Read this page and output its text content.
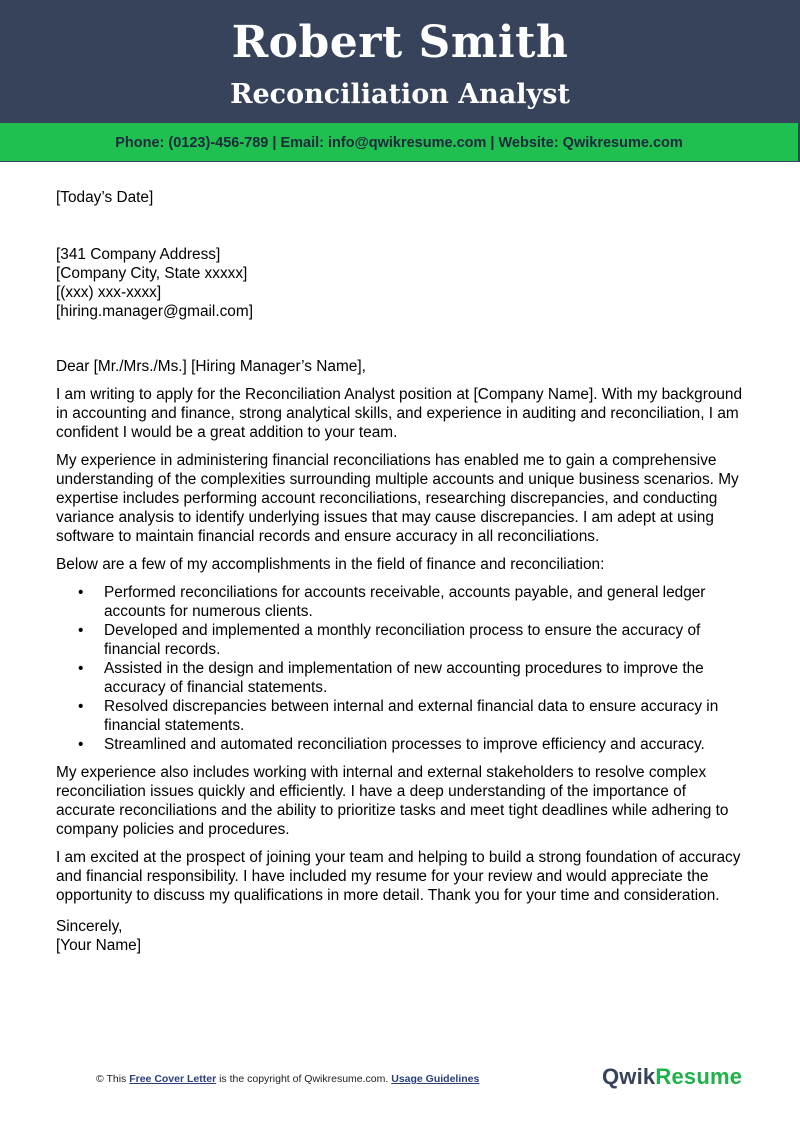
Robert Smith
Reconciliation Analyst
Phone: (0123)-456-789 | Email: info@qwikresume.com | Website: Qwikresume.com

[Today’s Date]

[341 Company Address]

[Company City, State xxxxx]

[(xxx) xxx-xxxx]

[hiring.manager@gmail.com]

Dear [Mr./Mrs./Ms.] [Hiring Manager’s Name],

I am writing to apply for the Reconciliation Analyst position at [Company Name]. With my background in accounting and finance, strong analytical skills, and experience in auditing and reconciliation, I am confident I would be a great addition to your team.

My experience in administering financial reconciliations has enabled me to gain a comprehensive understanding of the complexities surrounding multiple accounts and unique business scenarios. My expertise includes performing account reconciliations, researching discrepancies, and conducting variance analysis to identify underlying issues that may cause discrepancies. I am adept at using software to maintain financial records and ensure accuracy in all reconciliations.

Below are a few of my accomplishments in the field of finance and reconciliation:

• Performed reconciliations for accounts receivable, accounts payable, and general ledger accounts for numerous clients.
• Developed and implemented a monthly reconciliation process to ensure the accuracy of financial records.
• Assisted in the design and implementation of new accounting procedures to improve the accuracy of financial statements.
• Resolved discrepancies between internal and external financial data to ensure accuracy in financial statements.
• Streamlined and automated reconciliation processes to improve efficiency and accuracy.

My experience also includes working with internal and external stakeholders to resolve complex reconciliation issues quickly and efficiently. I have a deep understanding of the importance of accurate reconciliations and the ability to prioritize tasks and meet tight deadlines while adhering to company policies and procedures.

I am excited at the prospect of joining your team and helping to build a strong foundation of accuracy and financial responsibility. I have included my resume for your review and would appreciate the opportunity to discuss my qualifications in more detail. Thank you for your time and consideration.

Sincerely,

[Your Name]

© This Free Cover Letter is the copyright of Qwikresume.com. Usage Guidelines	QwikResume
